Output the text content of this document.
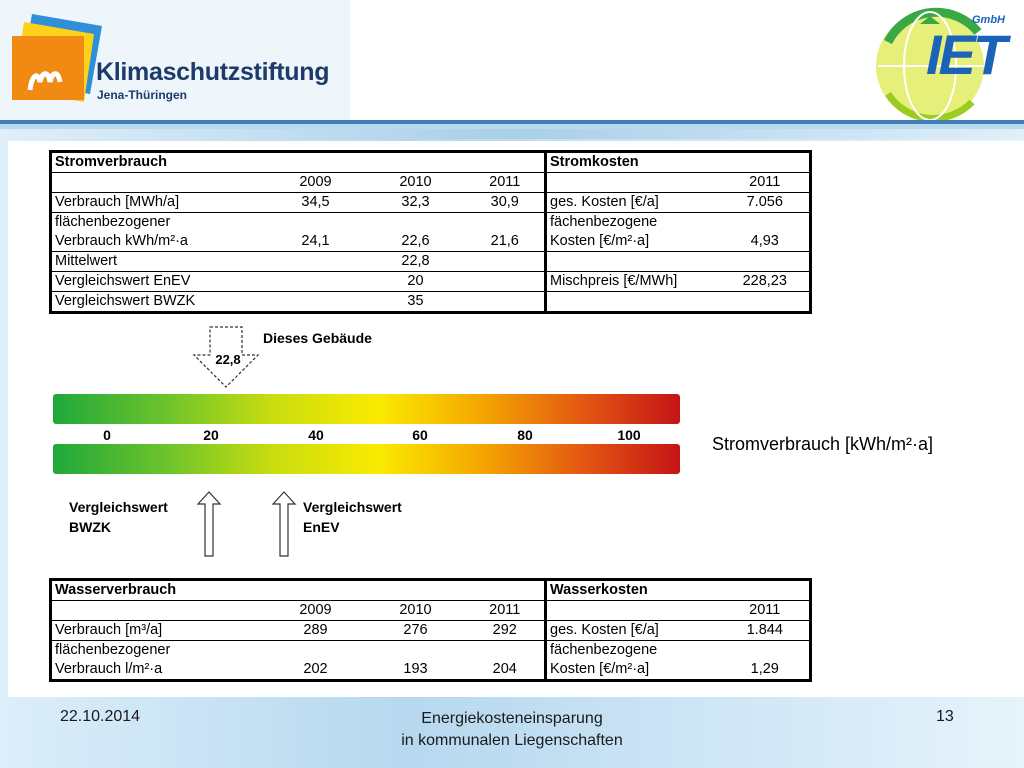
Klimaschutzstiftung
Jena-Thüringen
IET
GmbH
Stromverbrauch				Stromkosten	
	2009	2010	2011		2011
Verbrauch [MWh/a]	34,5	32,3	30,9	ges. Kosten [€/a]	7.056
flächenbezogener				fächenbezogene	
Verbrauch kWh/m²·a	24,1	22,6	21,6	Kosten [€/m²·a]	4,93
Mittelwert		22,8			
Vergleichswert EnEV		20		Mischpreis [€/MWh]	228,23
Vergleichswert BWZK		35			
22,8
Dieses Gebäude
0	20	40	60	80	100	Stromverbrauch [kWh/m²·a]
Vergleichswert
BWZK
Vergleichswert
EnEV
Wasserverbrauch				Wasserkosten	
	2009	2010	2011		2011
Verbrauch [m³/a]	289	276	292	ges. Kosten [€/a]	1.844
flächenbezogener				fächenbezogene	
Verbrauch l/m²·a	202	193	204	Kosten [€/m²·a]	1,29
22.10.2014	Energiekosteneinsparung
in kommunalen Liegenschaften
13
